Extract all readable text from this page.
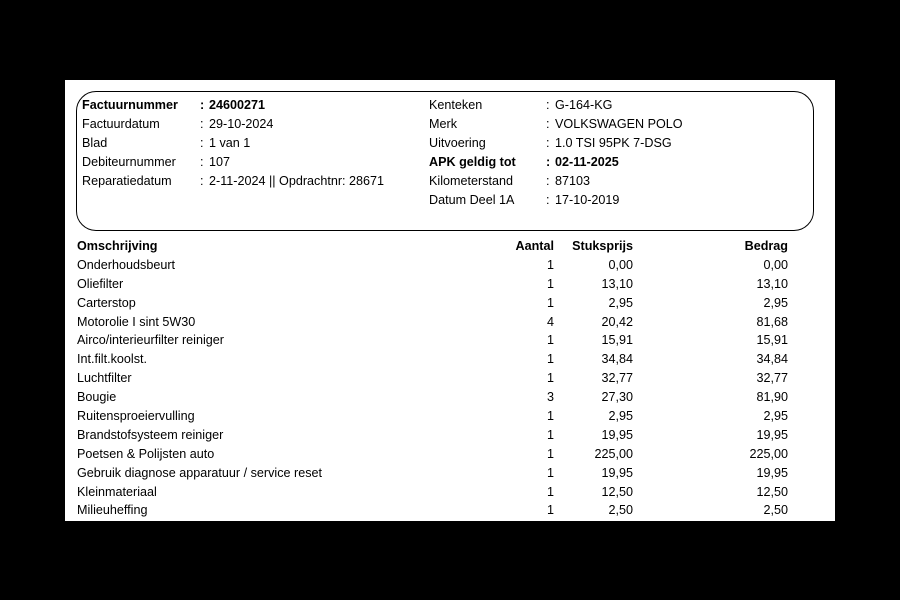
Factuurnummer	: 24600271
Factuurdatum	: 29-10-2024
Blad	: 1 van 1
Debiteurnummer	: 107
Reparatiedatum	: 2-11-2024 || Opdrachtnr: 28671
Kenteken	: G-164-KG
Merk	: VOLKSWAGEN POLO
Uitvoering	: 1.0 TSI 95PK 7-DSG
APK geldig tot	: 02-11-2025
Kilometerstand	: 87103
Datum Deel 1A	: 17-10-2019
Omschrijving	Aantal Stuksprijs	Bedrag
Onderhoudsbeurt	1	0,00	0,00
Oliefilter	1	13,10	13,10
Carterstop	1	2,95	2,95
Motorolie I sint 5W30	4	20,42	81,68
Airco/interieurfilter reiniger	1	15,91	15,91
Int.filt.koolst.	1	34,84	34,84
Luchtfilter	1	32,77	32,77
Bougie	3	27,30	81,90
Ruitensproeiervulling	1	2,95	2,95
Brandstofsysteem reiniger	1	19,95	19,95
Poetsen & Polijsten auto	1	225,00	225,00
Gebruik diagnose apparatuur / service reset	1	19,95	19,95
Kleinmateriaal	1	12,50	12,50
Milieuheffing	1	2,50	2,50
